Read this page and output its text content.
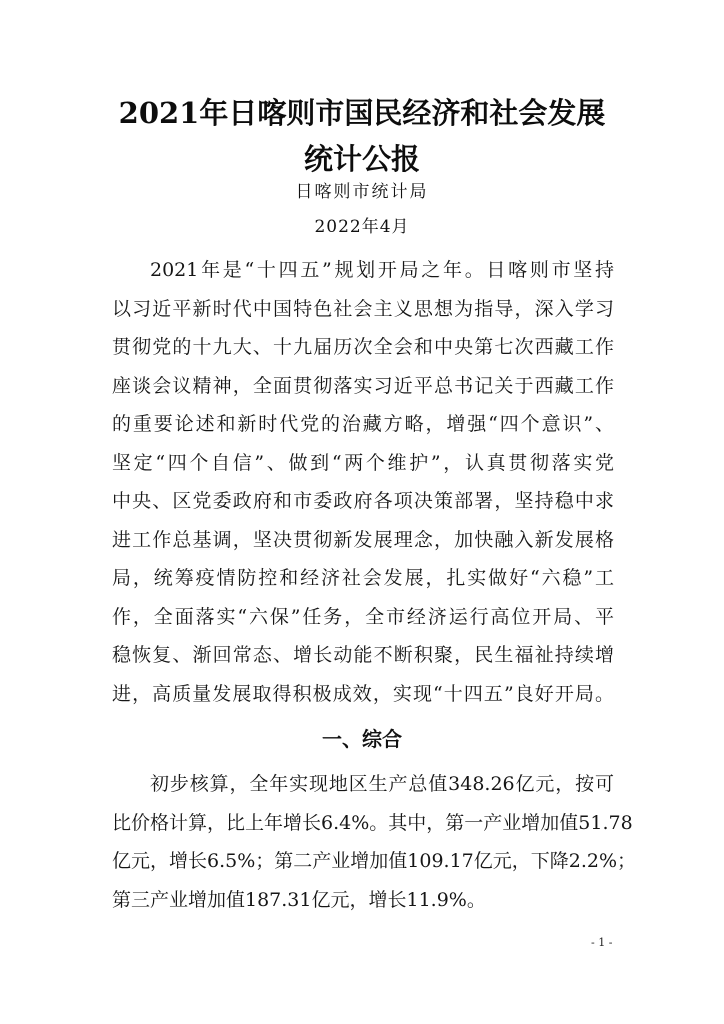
2021年日喀则市国民经济和社会发展
统计公报
日喀则市统计局
2022年4月
2021年是“十四五”规划开局之年。日喀则市坚持
以习近平新时代中国特色社会主义思想为指导，深入学习
贯彻党的十九大、十九届历次全会和中央第七次西藏工作
座谈会议精神，全面贯彻落实习近平总书记关于西藏工作
的重要论述和新时代党的治藏方略，增强“四个意识”、
坚定“四个自信”、做到“两个维护”，认真贯彻落实党
中央、区党委政府和市委政府各项决策部署，坚持稳中求
进工作总基调，坚决贯彻新发展理念，加快融入新发展格
局，统筹疫情防控和经济社会发展，扎实做好“六稳”工
作，全面落实“六保”任务，全市经济运行高位开局、平
稳恢复、渐回常态、增长动能不断积聚，民生福祉持续增
进，高质量发展取得积极成效，实现“十四五”良好开局。
一、综合
初步核算，全年实现地区生产总值348.26亿元，按可
比价格计算，比上年增长6.4%。其中，第一产业增加值51.78
亿元，增长6.5%；第二产业增加值109.17亿元，下降2.2%；
第三产业增加值187.31亿元，增长11.9%。
- 1 -
